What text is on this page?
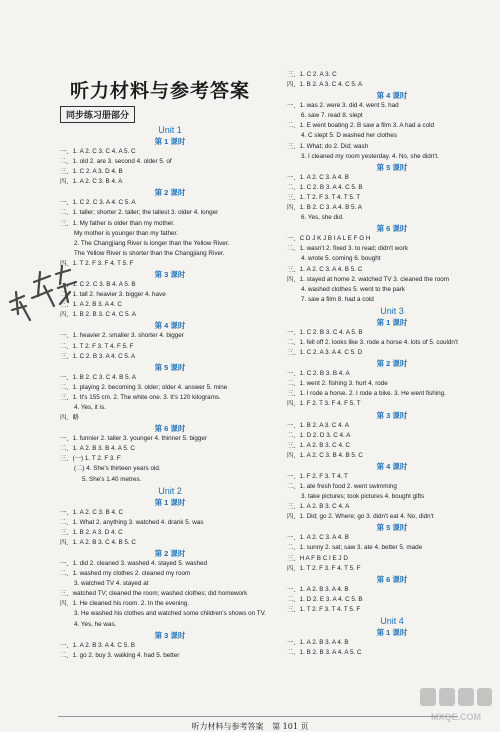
听力材料与参考答案
同步练习册部分
Unit 1
第 1 课时
一、1. A 2. C 3. C 4. A 5. C
二、1. old 2. are 3. second 4. older 5. of
三、1. C 2. A 3. D 4. B
四、1. A 2. C 3. B 4. A
第 2 课时
一、1. C 2. C 3. A 4. C 5. A
二、1. taller; shorter 2. taller; the tallest 3. older 4. longer
三、1. My father is older than my mother.
My mother is younger than my father.
2. The Changjiang River is longer than the Yellow River.
The Yellow River is shorter than the Changjiang River.
四、1. T 2. F 3. F 4. T 5. F
第 3 课时
一、1. C 2. C 3. B 4. A 5. B
二、1. tall 2. heavier 3. bigger 4. have
三、1. A 2. B 3. A 4. C
四、1. B 2. B 3. C 4. C 5. A
第 4 课时
一、1. heavier 2. smaller 3. shorter 4. bigger
二、1. T 2. F 3. T 4. F 5. F
三、1. C 2. B 3. A 4. C 5. A
第 5 课时
一、1. B 2. C 3. C 4. B 5. A
二、1. playing 2. becoming 3. older; older 4. answer 5. mine
三、1. It's 155 cm. 2. The white one. 3. It's 120 kilograms.
4. Yes, it is.
四、略
第 6 课时
一、1. funnier 2. taller 3. younger 4. thinner 5. bigger
二、1. A 2. B 3. B 4. A 5. C
三、(一) 1. T 2. F 3. F
(二) 4. She's thirteen years old.
5. She's 1.40 metres.
Unit 2
第 1 课时
一、1. A 2. C 3. B 4. C
二、1. What 2. anything 3. watched 4. drank 5. was
三、1. B 2. A 3. D 4. C
四、1. A 2. B 3. C 4. B 5. C
第 2 课时
一、1. did 2. cleaned 3. washed 4. stayed 5. washed
二、1. washed my clothes 2. cleaned my room
3. watched TV 4. stayed at
三、watched TV; cleaned the room; washed clothes; did homework
四、1. He cleaned his room. 2. In the evening.
3. He washed his clothes and watched some children's shows on TV.
4. Yes, he was.
第 3 课时
一、1. A 2. B 3. A 4. C 5. B
二、1. go 2. buy 3. walking 4. had 5. better
三、1. C 2. A 3. C
四、1. B 2. A 3. C 4. C 5. A
第 4 课时
一、1. was 2. were 3. did 4. went 5. had
6. saw 7. read 8. slept
二、1. E went boating 2. B saw a film 3. A had a cold
4. C slept 5. D washed her clothes
三、1. What; do 2. Did; wash
3. I cleaned my room yesterday. 4. No, she didn't.
第 5 课时
一、1. A 2. C 3. A 4. B
二、1. C 2. B 3. A 4. C 5. B
三、1. T 2. F 3. T 4. T 5. T
四、1. B 2. C 3. A 4. B 5. A
6. Yes, she did.
第 6 课时
一、C D J K J B I A L E F G H
二、1. wasn't 2. fixed 3. to read; didn't work
4. wrote 5. coming 6. bought
三、1. A 2. C 3. A 4. B 5. C
四、1. stayed at home 2. watched TV 3. cleaned the room
4. washed clothes 5. went to the park
7. saw a film 8. had a cold
Unit 3
第 1 课时
一、1. C 2. B 3. C 4. A 5. B
二、1. fell off 2. looks like 3. rode a horse 4. lots of 5. couldn't
三、1. C 2. A 3. A 4. C 5. D
第 2 课时
一、1. C 2. B 3. B 4. A
二、1. went 2. fishing 3. hurt 4. rode
三、1. I rode a horse. 2. I rode a bike. 3. He went fishing.
四、1. F 2. T 3. F 4. F 5. T
第 3 课时
一、1. B 2. A 3. C 4. A
二、1. D 2. D 3. C 4. A
三、1. A 2. B 3. C 4. C
四、1. A 2. C 3. B 4. B 5. C
第 4 课时
一、1. F 2. F 3. T 4. T
二、1. ate fresh food 2. went swimming
3. take pictures; took pictures 4. bought gifts
三、1. A 2. B 3. C 4. A
四、1. Did; go 2. Where; go 3. didn't eat 4. No, didn't
第 5 课时
一、1. A 2. C 3. A 4. B
二、1. sunny 2. sat; saw 3. ate 4. better 5. made
三、H A F B C I E J D
四、1. T 2. F 3. F 4. T 5. F
第 6 课时
一、1. A 2. B 3. A 4. B
二、1. D 2. E 3. A 4. C 5. B
三、1. T 2. F 3. T 4. T 5. F
Unit 4
第 1 课时
一、1. A 2. B 3. A 4. B
二、1. B 2. B 3. A 4. A 5. C
听力材料与参考答案 第 101 页
MXQE.COM
